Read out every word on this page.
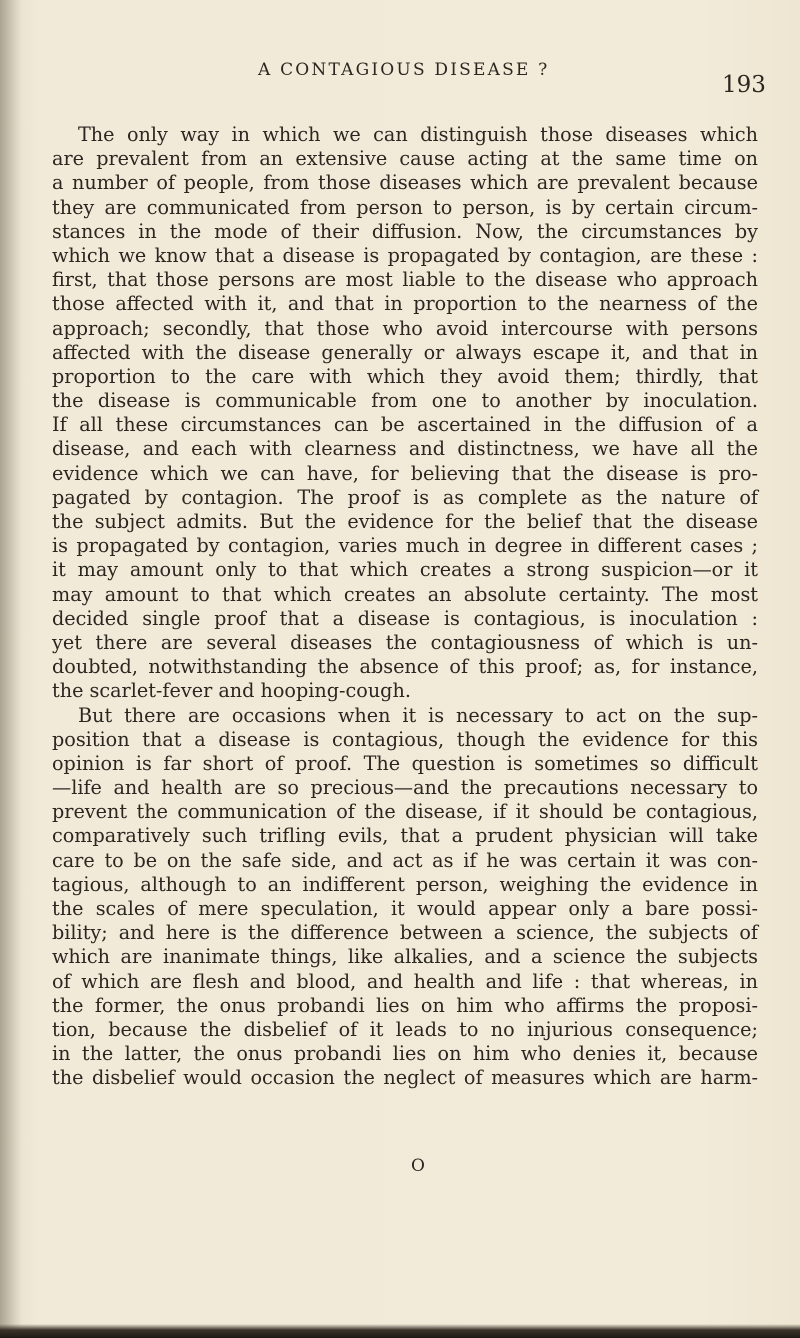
A CONTAGIOUS DISEASE ?
193
The only way in which we can distinguish those diseases which
are prevalent from an extensive cause acting at the same time on
a number of people, from those diseases which are prevalent because
they are communicated from person to person, is by certain circum-
stances in the mode of their diffusion. Now, the circumstances by
which we know that a disease is propagated by contagion, are these :
first, that those persons are most liable to the disease who approach
those affected with it, and that in proportion to the nearness of the
approach; secondly, that those who avoid intercourse with persons
affected with the disease generally or always escape it, and that in
proportion to the care with which they avoid them; thirdly, that
the disease is communicable from one to another by inoculation.
If all these circumstances can be ascertained in the diffusion of a
disease, and each with clearness and distinctness, we have all the
evidence which we can have, for believing that the disease is pro-
pagated by contagion. The proof is as complete as the nature of
the subject admits. But the evidence for the belief that the disease
is propagated by contagion, varies much in degree in different cases ;
it may amount only to that which creates a strong suspicion—or it
may amount to that which creates an absolute certainty. The most
decided single proof that a disease is contagious, is inoculation :
yet there are several diseases the contagiousness of which is un-
doubted, notwithstanding the absence of this proof; as, for instance,
the scarlet-fever and hooping-cough.
But there are occasions when it is necessary to act on the sup-
position that a disease is contagious, though the evidence for this
opinion is far short of proof. The question is sometimes so difficult
—life and health are so precious—and the precautions necessary to
prevent the communication of the disease, if it should be contagious,
comparatively such trifling evils, that a prudent physician will take
care to be on the safe side, and act as if he was certain it was con-
tagious, although to an indifferent person, weighing the evidence in
the scales of mere speculation, it would appear only a bare possi-
bility; and here is the difference between a science, the subjects of
which are inanimate things, like alkalies, and a science the subjects
of which are flesh and blood, and health and life : that whereas, in
the former, the onus probandi lies on him who affirms the proposi-
tion, because the disbelief of it leads to no injurious consequence;
in the latter, the onus probandi lies on him who denies it, because
the disbelief would occasion the neglect of measures which are harm-
O
